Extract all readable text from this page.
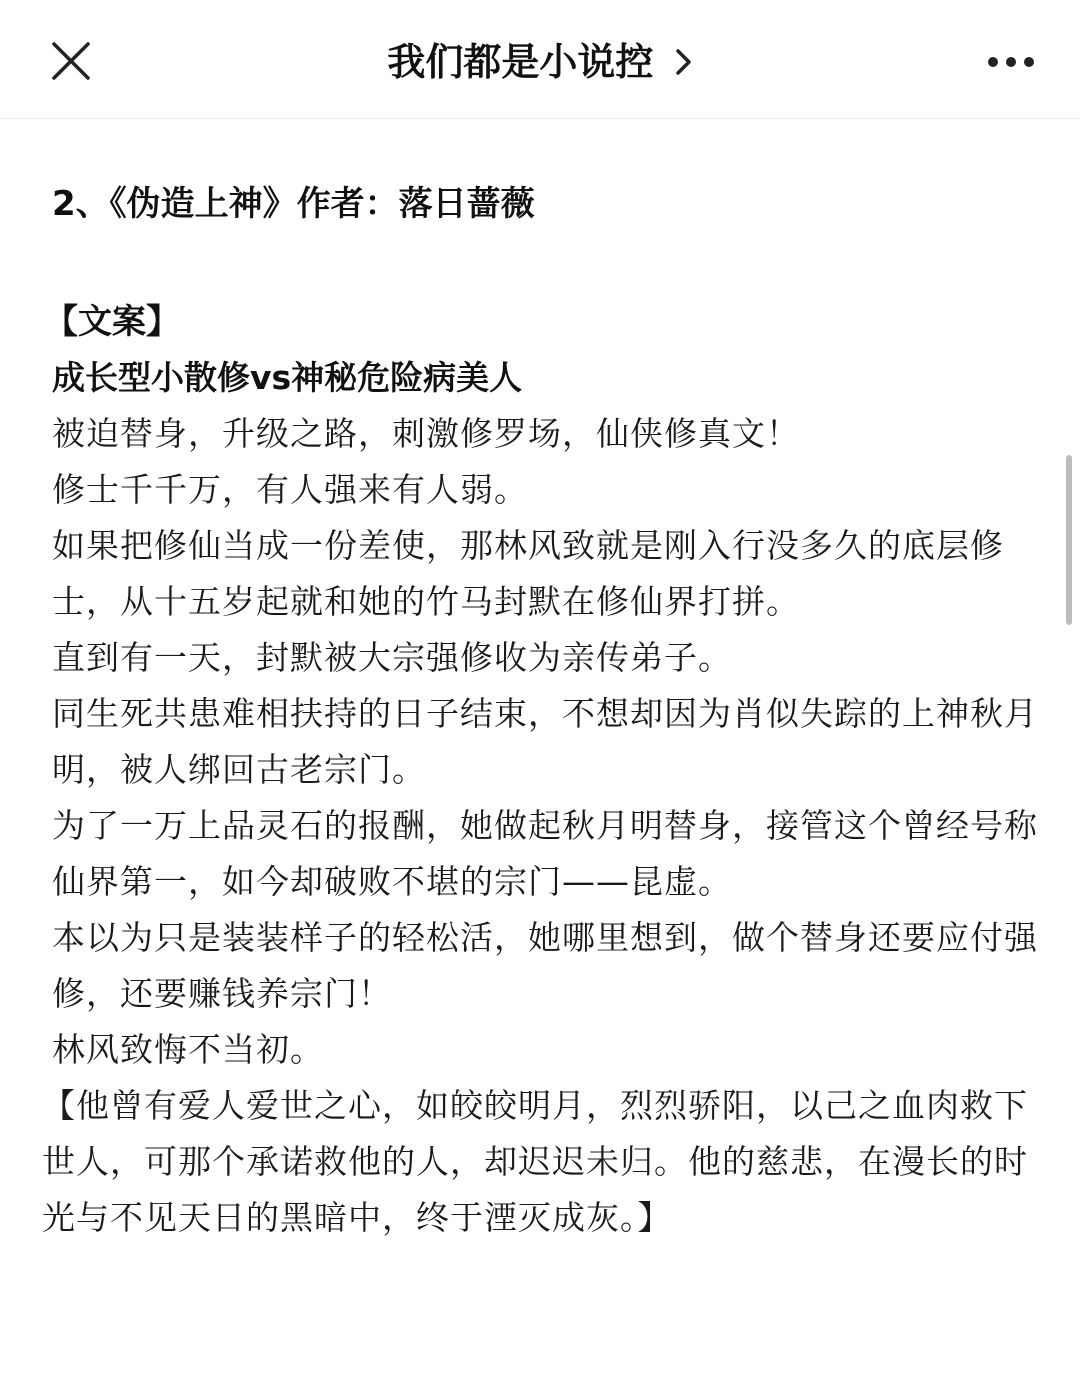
我们都是小说控
2、《伪造上神》作者：落日蔷薇
【文案】
成长型小散修vs神秘危险病美人

被迫替身，升级之路，刺激修罗场，仙侠修真文！

修士千千万，有人强来有人弱。

如果把修仙当成一份差使，那林风致就是刚入行没多久的底层修士，从十五岁起就和她的竹马封默在修仙界打拼。

直到有一天，封默被大宗强修收为亲传弟子。

同生死共患难相扶持的日子结束，不想却因为肖似失踪的上神秋月明，被人绑回古老宗门。

为了一万上品灵石的报酬，她做起秋月明替身，接管这个曾经号称仙界第一，如今却破败不堪的宗门——昆虚。

本以为只是装装样子的轻松活，她哪里想到，做个替身还要应付强修，还要赚钱养宗门！

林风致悔不当初。

【他曾有爱人爱世之心，如皎皎明月，烈烈骄阳，以己之血肉救下世人，可那个承诺救他的人，却迟迟未归。他的慈悲，在漫长的时光与不见天日的黑暗中，终于湮灭成灰。】
